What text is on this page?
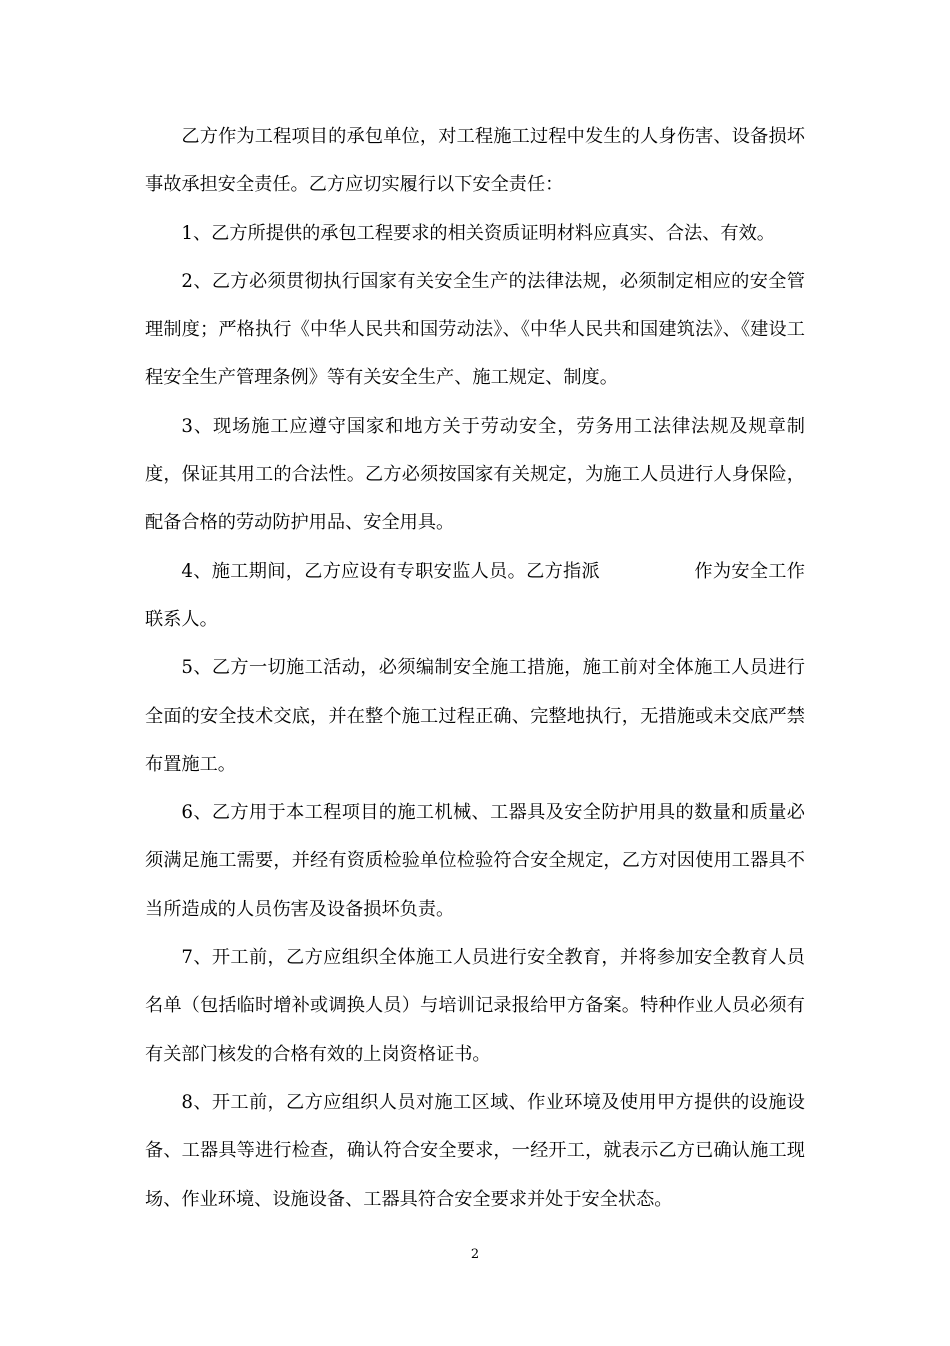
乙方作为工程项目的承包单位，对工程施工过程中发生的人身伤害、设备损坏事故承担安全责任。乙方应切实履行以下安全责任：

1、乙方所提供的承包工程要求的相关资质证明材料应真实、合法、有效。

2、乙方必须贯彻执行国家有关安全生产的法律法规，必须制定相应的安全管理制度；严格执行《中华人民共和国劳动法》、《中华人民共和国建筑法》、《建设工程安全生产管理条例》等有关安全生产、施工规定、制度。

3、现场施工应遵守国家和地方关于劳动安全，劳务用工法律法规及规章制度，保证其用工的合法性。乙方必须按国家有关规定，为施工人员进行人身保险，配备合格的劳动防护用品、安全用具。

4、施工期间，乙方应设有专职安监人员。乙方指派	作为安全工作联系人。

5、乙方一切施工活动，必须编制安全施工措施，施工前对全体施工人员进行全面的安全技术交底，并在整个施工过程正确、完整地执行，无措施或未交底严禁布置施工。

6、乙方用于本工程项目的施工机械、工器具及安全防护用具的数量和质量必须满足施工需要，并经有资质检验单位检验符合安全规定，乙方对因使用工器具不当所造成的人员伤害及设备损坏负责。

7、开工前，乙方应组织全体施工人员进行安全教育，并将参加安全教育人员名单（包括临时增补或调换人员）与培训记录报给甲方备案。特种作业人员必须有有关部门核发的合格有效的上岗资格证书。

8、开工前，乙方应组织人员对施工区域、作业环境及使用甲方提供的设施设备、工器具等进行检查，确认符合安全要求，一经开工，就表示乙方已确认施工现场、作业环境、设施设备、工器具符合安全要求并处于安全状态。

2
